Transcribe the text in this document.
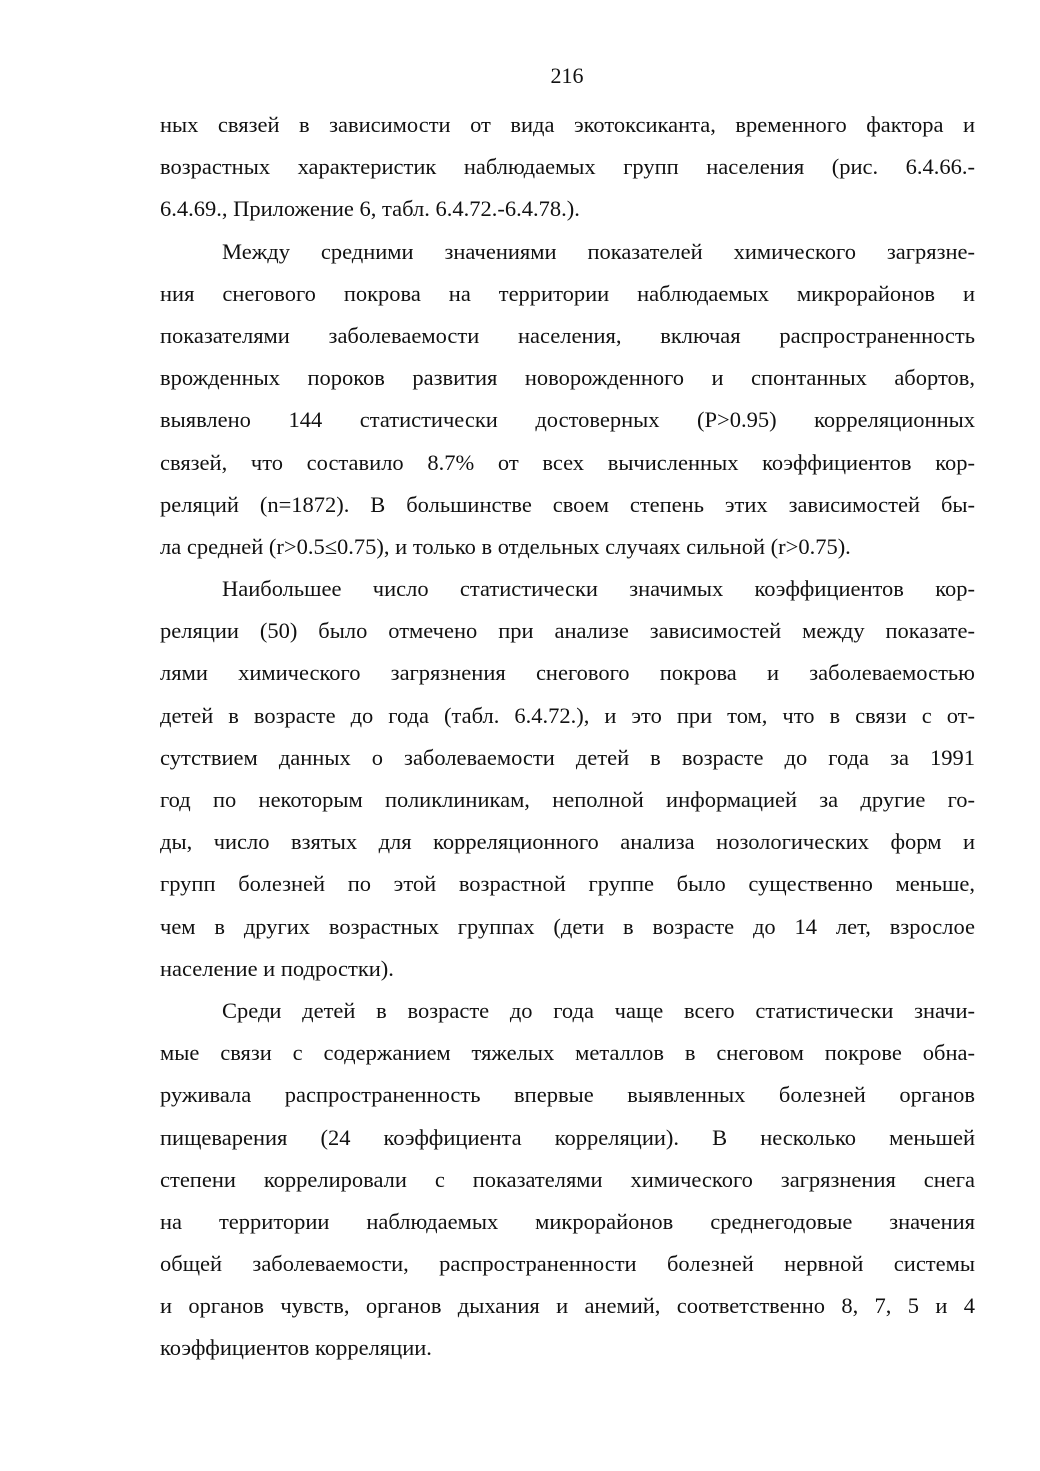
216
ных связей в зависимости от вида экотоксиканта, временного фактора и
возрастных характеристик наблюдаемых групп населения (рис. 6.4.66.-
6.4.69., Приложение 6, табл. 6.4.72.-6.4.78.).
Между средними значениями показателей химического загрязне-
ния снегового покрова на территории наблюдаемых микрорайонов и
показателями заболеваемости населения, включая распространенность
врожденных пороков развития новорожденного и спонтанных абортов,
выявлено 144 статистически достоверных (Р>0.95) корреляционных
связей, что составило 8.7% от всех вычисленных коэффициентов кор-
реляций (n=1872). В большинстве своем степень этих зависимостей бы-
ла средней (r>0.5≤0.75), и только в отдельных случаях сильной (r>0.75).
Наибольшее число статистически значимых коэффициентов кор-
реляции (50) было отмечено при анализе зависимостей между показате-
лями химического загрязнения снегового покрова и заболеваемостью
детей в возрасте до года (табл. 6.4.72.), и это при том, что в связи с от-
сутствием данных о заболеваемости детей в возрасте до года за 1991
год по некоторым поликлиникам, неполной информацией за другие го-
ды, число взятых для корреляционного анализа нозологических форм и
групп болезней по этой возрастной группе было существенно меньше,
чем в других возрастных группах (дети в возрасте до 14 лет, взрослое
население и подростки).
Среди детей в возрасте до года чаще всего статистически значи-
мые связи с содержанием тяжелых металлов в снеговом покрове обна-
руживала распространенность впервые выявленных болезней органов
пищеварения (24 коэффициента корреляции). В несколько меньшей
степени коррелировали с показателями химического загрязнения снега
на территории наблюдаемых микрорайонов среднегодовые значения
общей заболеваемости, распространенности болезней нервной системы
и органов чувств, органов дыхания и анемий, соответственно 8, 7, 5 и 4
коэффициентов корреляции.
